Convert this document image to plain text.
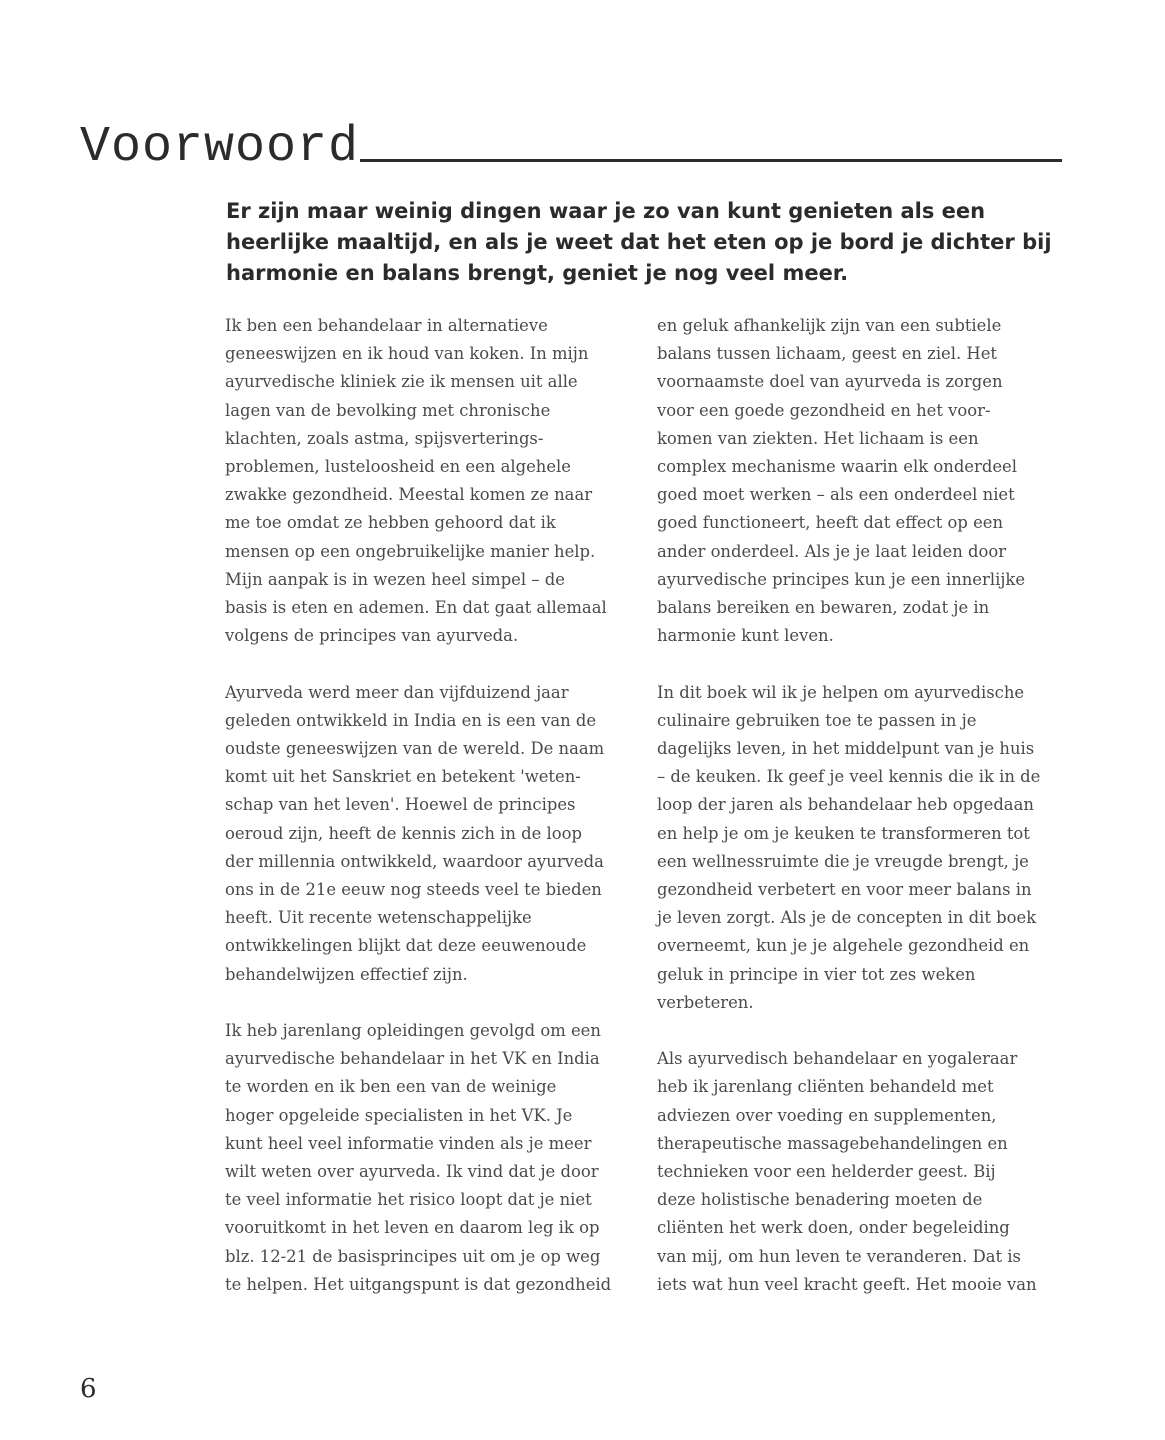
Voorwoord
Er zijn maar weinig dingen waar je zo van kunt genieten als een
heerlijke maaltijd, en als je weet dat het eten op je bord je dichter bij
harmonie en balans brengt, geniet je nog veel meer.

Ik ben een behandelaar in alternatieve
geneeswijzen en ik houd van koken. In mijn
ayurvedische kliniek zie ik mensen uit alle
lagen van de bevolking met chronische
klachten, zoals astma, spijsverterings-
problemen, lusteloosheid en een algehele
zwakke gezondheid. Meestal komen ze naar
me toe omdat ze hebben gehoord dat ik
mensen op een ongebruikelijke manier help.
Mijn aanpak is in wezen heel simpel – de
basis is eten en ademen. En dat gaat allemaal
volgens de principes van ayurveda.

Ayurveda werd meer dan vijfduizend jaar
geleden ontwikkeld in India en is een van de
oudste geneeswijzen van de wereld. De naam
komt uit het Sanskriet en betekent 'weten-
schap van het leven'. Hoewel de principes
oeroud zijn, heeft de kennis zich in de loop
der millennia ontwikkeld, waardoor ayurveda
ons in de 21e eeuw nog steeds veel te bieden
heeft. Uit recente wetenschappelijke
ontwikkelingen blijkt dat deze eeuwenoude
behandelwijzen effectief zijn.

Ik heb jarenlang opleidingen gevolgd om een
ayurvedische behandelaar in het VK en India
te worden en ik ben een van de weinige
hoger opgeleide specialisten in het VK. Je
kunt heel veel informatie vinden als je meer
wilt weten over ayurveda. Ik vind dat je door
te veel informatie het risico loopt dat je niet
vooruitkomt in het leven en daarom leg ik op
blz. 12-21 de basisprincipes uit om je op weg
te helpen. Het uitgangspunt is dat gezondheid

en geluk afhankelijk zijn van een subtiele
balans tussen lichaam, geest en ziel. Het
voornaamste doel van ayurveda is zorgen
voor een goede gezondheid en het voor-
komen van ziekten. Het lichaam is een
complex mechanisme waarin elk onderdeel
goed moet werken – als een onderdeel niet
goed functioneert, heeft dat effect op een
ander onderdeel. Als je je laat leiden door
ayurvedische principes kun je een innerlijke
balans bereiken en bewaren, zodat je in
harmonie kunt leven.

In dit boek wil ik je helpen om ayurvedische
culinaire gebruiken toe te passen in je
dagelijks leven, in het middelpunt van je huis
– de keuken. Ik geef je veel kennis die ik in de
loop der jaren als behandelaar heb opgedaan
en help je om je keuken te transformeren tot
een wellnessruimte die je vreugde brengt, je
gezondheid verbetert en voor meer balans in
je leven zorgt. Als je de concepten in dit boek
overneemt, kun je je algehele gezondheid en
geluk in principe in vier tot zes weken
verbeteren.

Als ayurvedisch behandelaar en yogaleraar
heb ik jarenlang cliënten behandeld met
adviezen over voeding en supplementen,
therapeutische massagebehandelingen en
technieken voor een helderder geest. Bij
deze holistische benadering moeten de
cliënten het werk doen, onder begeleiding
van mij, om hun leven te veranderen. Dat is
iets wat hun veel kracht geeft. Het mooie van

6
